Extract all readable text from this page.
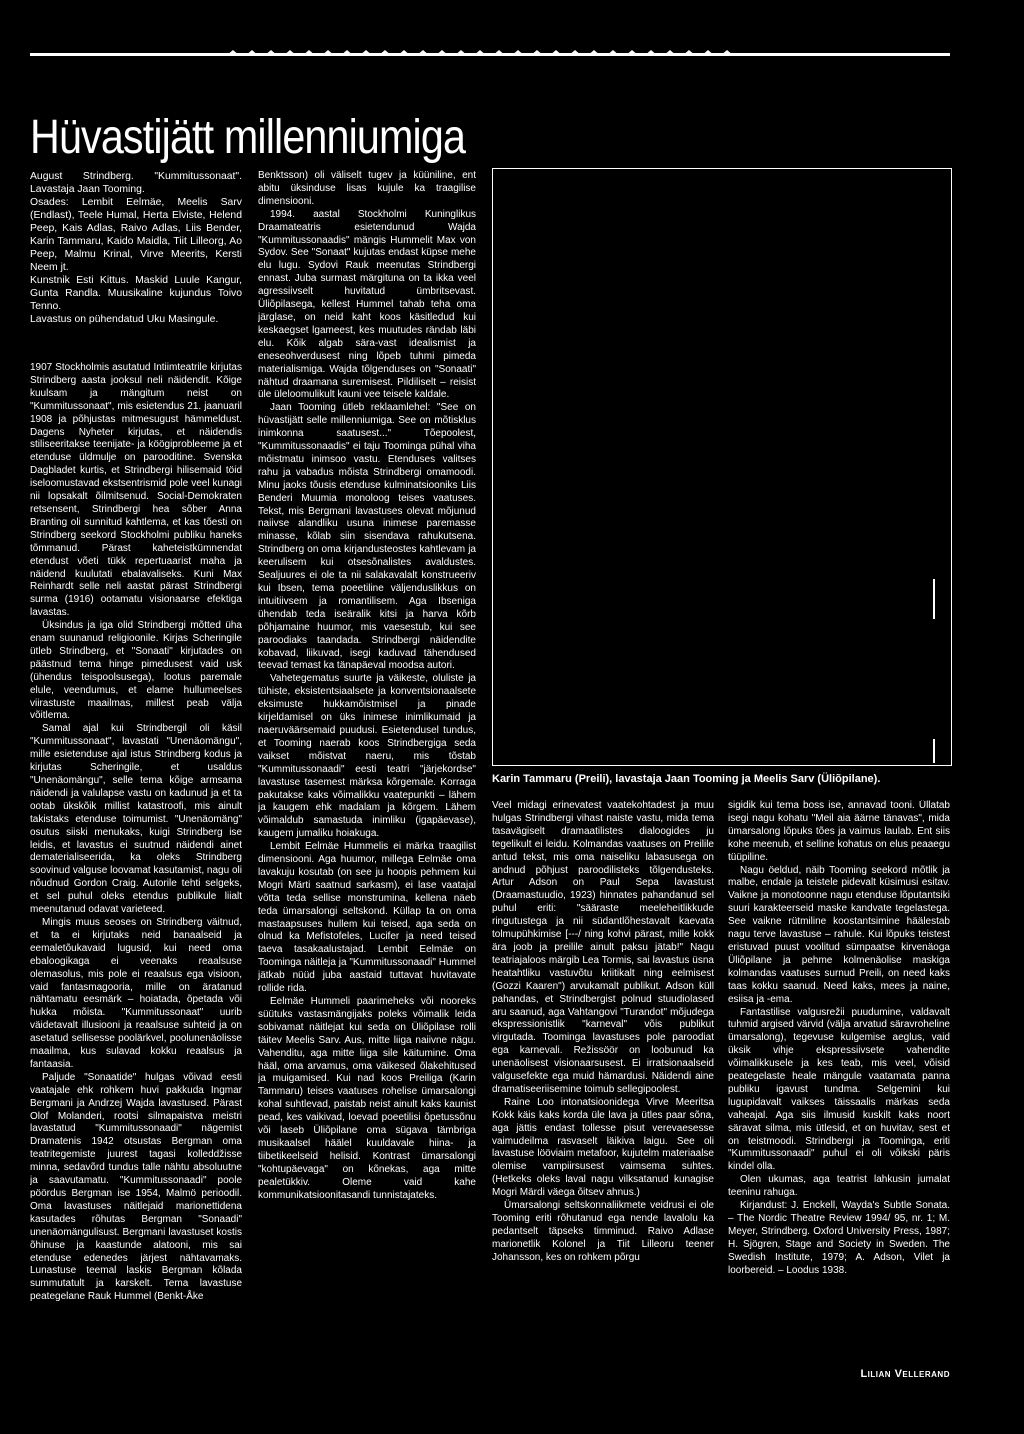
Hüvastijätt millenniumiga

August Strindberg. "Kummitussonaat". Lavastaja Jaan Tooming.

Osades: Lembit Eelmäe, Meelis Sarv (Endlast), Teele Humal, Herta Elviste, Helend Peep, Kais Adlas, Raivo Adlas, Liis Bender, Karin Tammaru, Kaido Maidla, Tiit Lilleorg, Ao Peep, Malmu Krinal, Virve Meerits, Kersti Neem jt.

Kunstnik Esti Kittus. Maskid Luule Kangur, Gunta Randla. Muusikaline kujundus Toivo Tenno.

Lavastus on pühendatud Uku Masingule.

1907 Stockholmis asutatud Intiimteatrile kirjutas Strindberg aasta jooksul neli näidendit. Kõige kuulsam ja mängitum neist on "Kummitussonaat", mis esietendus 21. jaanuaril 1908 ja põhjustas mitmesugust hämmeldust. Dagens Nyheter kirjutas, et näidendis stiliseeritakse teenijate- ja köögiprobleeme ja et etenduse üldmulje on parooditine. Svenska Dagbladet kurtis, et Strindbergi hilisemaid töid iseloomustavad ekstsentrismid pole veel kunagi nii lopsakalt õilmitsenud. Social-Demokraten retsensent, Strindbergi hea sõber Anna Branting oli sunnitud kahtlema, et kas tõesti on Strindberg seekord Stockholmi publiku haneks tõmmanud. Pärast kaheteistkümnendat etendust võeti tükk repertuaarist maha ja näidend kuulutati ebalavaliseks. Kuni Max Reinhardt selle neli aastat pärast Strindbergi surma (1916) ootamatu visionaarse efektiga lavastas.

Üksindus ja iga olid Strindbergi mõtted üha enam suunanud religioonile. Kirjas Scheringile ütleb Strindberg, et "Sonaati" kirjutades on päästnud tema hinge pimedusest vaid usk (ühendus teispoolsusega), lootus paremale elule, veendumus, et elame hullumeelses viirastuste maailmas, millest peab välja võitlema.

Samal ajal kui Strindbergil oli käsil "Kummitussonaat", lavastati "Unenäomängu", mille esietenduse ajal istus Strindberg kodus ja kirjutas Scheringile, et usaldus "Unenäomängu", selle tema kõige armsama näidendi ja valulapse vastu on kadunud ja et ta ootab ükskõik millist katastroofi, mis ainult takistaks etenduse toimumist. "Unenäomäng" osutus siiski menukaks, kuigi Strindberg ise leidis, et lavastus ei suutnud näidendi ainet dematerialiseerida, ka oleks Strindberg soovinud valguse loovamat kasutamist, nagu oli nõudnud Gordon Craig. Autorile tehti selgeks, et sel puhul oleks etendus publikule liialt meenutanud odavat varieteed.

Mingis muus seoses on Strindberg väitnud, et ta ei kirjutaks neid banaalseid ja eemaletõukavaid lugusid, kui need oma ebaloogikaga ei veenaks reaalsuse olemasolus, mis pole ei reaalsus ega visioon, vaid fantasmagooria, mille on äratanud nähtamatu eesmärk – hoiatada, õpetada või hukka mõista. "Kummitussonaat" uurib väidetavalt illusiooni ja reaalsuse suhteid ja on asetatud sellisesse poolärkvel, poolunenäolisse maailma, kus sulavad kokku reaalsus ja fantaasia.

Paljude "Sonaatide" hulgas võivad eesti vaatajale ehk rohkem huvi pakkuda Ingmar Bergmani ja Andrzej Wajda lavastused. Pärast Olof Molanderi, rootsi silmapaistva meistri lavastatud "Kummitussonaadi" nägemist Dramatenis 1942 otsustas Bergman oma teatritegemiste juurest tagasi kolleddžisse minna, sedavõrd tundus talle nähtu absoluutne ja saavutamatu. "Kummitussonaadi" poole pöördus Bergman ise 1954, Malmö perioodil. Oma lavastuses näitlejaid marionettidena kasutades rõhutas Bergman "Sonaadi" unenäomängulisust. Bergmani lavastuset kostis õhinuse ja kaastunde alatooni, mis sai etenduse edenedes järjest nähtavamaks. Lunastuse teemal laskis Bergman kõlada summutatult ja karskelt. Tema lavastuse peategelane Rauk Hummel (Benkt-Åke

Benktsson) oli väliselt tugev ja küüniline, ent abitu üksinduse lisas kujule ka traagilise dimensiooni.

1994. aastal Stockholmi Kuninglikus Draamateatris esietendunud Wajda "Kummitussonaadis" mängis Hummelit Max von Sydov. See "Sonaat" kujutas endast küpse mehe elu lugu. Sydovi Rauk meenutas Strindbergi ennast. Juba surmast märgituna on ta ikka veel agressiivselt huvitatud ümbritsevast. Üliõpilasega, kellest Hummel tahab teha oma järglase, on neid kaht koos käsitledud kui keskaegset lgameest, kes muutudes rändab läbi elu. Kõik algab sära-vast idealismist ja eneseohverdusest ning lõpeb tuhmi pimeda materialismiga. Wajda tõlgenduses on "Sonaati" nähtud draamana suremisest. Pildiliselt – reisist üle üleloomulikult kauni vee teisele kaldale.

Jaan Tooming ütleb reklaamlehel: "See on hüvastijätt selle millenniumiga. See on mõtisklus inimkonna saatusest..." Tõepoolest, "Kummitussonaadis" ei taju Toominga pühal viha mõistmatu inimsoo vastu. Etenduses valitses rahu ja vabadus mõista Strindbergi omamoodi. Minu jaoks tõusis etenduse kulminatsiooniks Liis Benderi Muumia monoloog teises vaatuses. Tekst, mis Bergmani lavastuses olevat mõjunud naiivse alandliku usuna inimese paremasse minasse, kõlab siin sisendava rahukutsena. Strindberg on oma kirjandusteostes kahtlevam ja keerulisem kui otsesõnalistes avaldustes. Sealjuures ei ole ta nii salakavalalt konstrueeriv kui Ibsen, tema poeetiline väljenduslikkus on intuitiivsem ja romantilisem. Aga Ibseniga ühendab teda iseäralik kitsi ja harva kõrb põhjamaine huumor, mis vaesestub, kui see paroodiaks taandada. Strindbergi näidendite kobavad, liikuvad, isegi kaduvad tähendused teevad temast ka tänapäeval moodsa autori.

Vahetegematus suurte ja väikeste, oluliste ja tühiste, eksistentsiaalsete ja konventsionaalsete eksimuste hukkamõistmisel ja pinade kirjeldamisel on üks inimese inimlikumaid ja naeruväärsemaid puudusi. Esietendusel tundus, et Tooming naerab koos Strindbergiga seda vaikset mõistvat naeru, mis tõstab "Kummitussonaadi" eesti teatri "järjekordse" lavastuse tasemest märksa kõrgemale. Korraga pakutakse kaks võimalikku vaatepunkti – lähem ja kaugem ehk madalam ja kõrgem. Lähem võimaldub samastuda inimliku (igapäevase), kaugem jumaliku hoiakuga.

Lembit Eelmäe Hummelis ei märka traagilist dimensiooni. Aga huumor, millega Eelmäe oma lavakuju kosutab (on see ju hoopis pehmem kui Mogri Märti saatnud sarkasm), ei lase vaatajal võtta teda sellise monstrumina, kellena näeb teda ümarsalongi seltskond. Küllap ta on oma mastaapsuses hullem kui teised, aga seda on olnud ka Mefistofeles, Lucifer ja need teised taeva tasakaalustajad. Lembit Eelmäe on Toominga näitleja ja "Kummitussonaadi" Hummel jätkab nüüd juba aastaid tuttavat huvitavate rollide rida.

Eelmäe Hummeli paarimeheks või nooreks süütuks vastasmängijaks poleks võimalik leida sobivamat näitlejat kui seda on Üliõpilase rolli täitev Meelis Sarv. Aus, mitte liiga naiivne nägu. Vahenditu, aga mitte liiga sile käitumine. Oma hääl, oma arvamus, oma väikesed õlakehitused ja muigamised. Kui nad koos Preiliga (Karin Tammaru) teises vaatuses rohelise ümarsalongi kohal suhtlevad, paistab neist ainult kaks kaunist pead, kes vaikivad, loevad poeetilisi õpetussõnu või laseb Üliõpilane oma sügava tämbriga musikaalsel häälel kuuldavale hiina- ja tiibetikeelseid helisid. Kontrast ümarsalongi "kohtupäevaga" on kõnekas, aga mitte pealetükkiv. Oleme vaid kahe kommunikatsioonitasandi tunnistajateks.

Karin Tammaru (Preili), lavastaja Jaan Tooming ja Meelis Sarv (Üliõpilane).

Veel midagi erinevatest vaatekohtadest ja muu hulgas Strindbergi vihast naiste vastu, mida tema tasavägiselt dramaatilistes dialoogides ju tegelikult ei leidu. Kolmandas vaatuses on Preilile antud tekst, mis oma naiseliku labasusega on andnud põhjust paroodilisteks tõlgendusteks. Artur Adson on Paul Sepa lavastust (Draamastuudio, 1923) hinnates pahandanud sel puhul eriti: "sääraste meeleheitlikkude ringutustega ja nii südantlõhestavalt kaevata tolmupühkimise [---/ ning kohvi pärast, mille kokk ära joob ja preilile ainult paksu jätab!" Nagu teatriajaloos märgib Lea Tormis, sai lavastus üsna heatahtliku vastuvõtu kriitikalt ning eelmisest (Gozzi Kaaren") arvukamalt publikut. Adson küll pahandas, et Strindbergist polnud stuudiolased aru saanud, aga Vahtangovi "Turandot" mõjudega ekspressionistlik "karneval" võis publikut virgutada. Toominga lavastuses pole paroodiat ega karnevali. Režissöör on loobunud ka unenäolisest visionaarsusest. Ei irratsionaalseid valgusefekte ega muid hämardusi. Näidendi aine dramatiseeriisemine toimub sellegipoolest.

Raine Loo intonatsioonidega Virve Meeritsa Kokk käis kaks korda üle lava ja ütles paar sõna, aga jättis endast tollesse pisut verevaesesse vaimudeilma rasvaselt läikiva laigu. See oli lavastuse lööviaim metafoor, kujutelm materiaalse olemise vampiirsusest vaimsema suhtes. (Hetkeks oleks laval nagu vilksatanud kunagise Mogri Märdi väega õitsev ahnus.)

Ümarsalongi seltskonnaliikmete veidrusi ei ole Tooming eriti rõhutanud ega nende lavalolu ka pedantselt täpseks timminud. Raivo Adlase marionetlik Kolonel ja Tiit Lilleoru teener Johansson, kes on rohkem põrgu

sigidik kui tema boss ise, annavad tooni. Üllatab isegi nagu kohatu "Meil aia äärne tänavas", mida ümarsalong lõpuks tões ja vaimus laulab. Ent siis kohe meenub, et selline kohatus on elus peaaegu tüüpiline.

Nagu öeldud, näib Tooming seekord mõtlik ja malbe, endale ja teistele pidevalt küsimusi esitav. Vaikne ja monotoonne nagu etenduse lõputantsiki suuri karakteerseid maske kandvate tegelastega. See vaikne rütmiline koostantsimine häälestab nagu terve lavastuse – rahule. Kui lõpuks teistest eristuvad puust voolitud sümpaatse kirvenäoga Üliõpilane ja pehme kolmenäolise maskiga kolmandas vaatuses surnud Preili, on need kaks taas kokku saanud. Need kaks, mees ja naine, esiisa ja -ema.

Fantastilise valgusrežii puudumine, valdavalt tuhmid argised värvid (välja arvatud säravroheline ümarsalong), tegevuse kulgemise aeglus, vaid üksik vihje ekspressiivsete vahendite võimalikkusele ja kes teab, mis veel, võisid peategelaste heale mängule vaatamata panna publiku igavust tundma. Selgemini kui lugupidavalt vaikses täissaalis märkas seda vaheajal. Aga siis ilmusid kuskilt kaks noort säravat silma, mis ütlesid, et on huvitav, sest et on teistmoodi. Strindbergi ja Toominga, eriti "Kummitussonaadi" puhul ei oli võikski päris kindel olla.

Olen ukumas, aga teatrist lahkusin jumalat teeninu rahuga.

Kirjandust: J. Enckell, Wayda's Subtle Sonata. – The Nordic Theatre Review 1994/ 95, nr. 1; M. Meyer, Strindberg. Oxford University Press, 1987; H. Sjögren, Stage and Society in Sweden. The Swedish Institute, 1979; A. Adson, Vilet ja loorbereid. – Loodus 1938.

Lilian Vellerand
